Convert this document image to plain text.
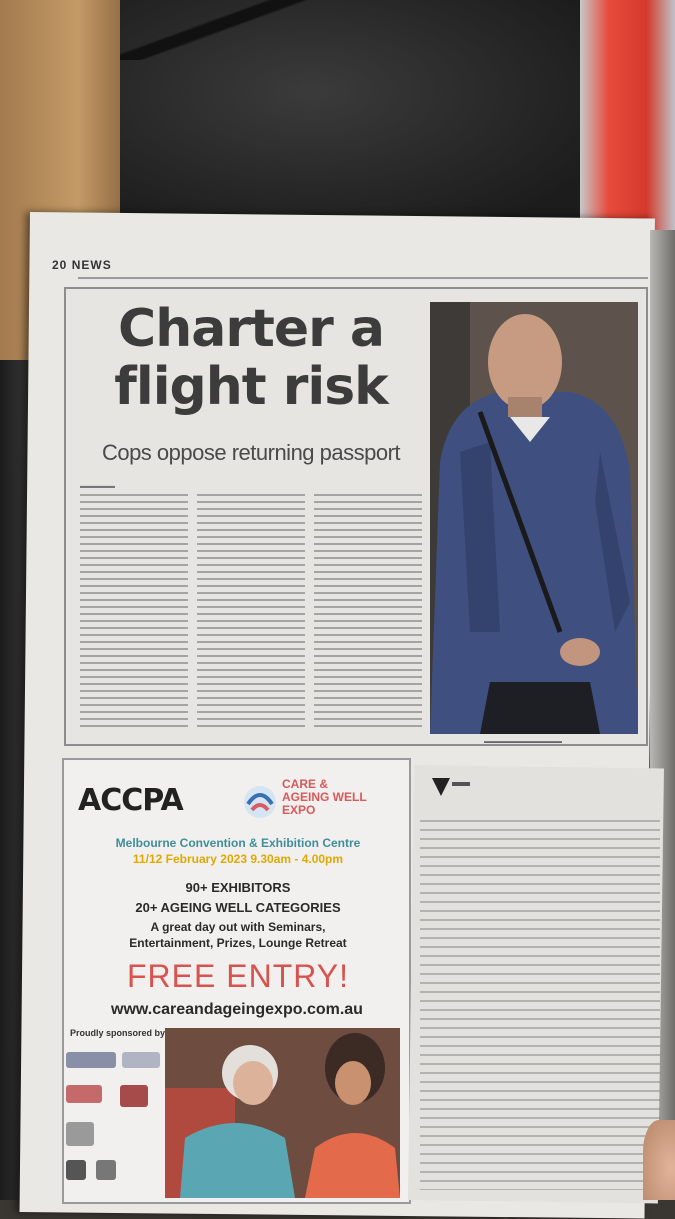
20 NEWS
Charter a
flight risk
Cops oppose returning passport
▬▬▬▬▬
▬▬▬▬▬▬▬▬▬▬▬▬▬
ACCPA	CARE &
AGEING WELL
EXPO
Melbourne Convention & Exhibition Centre
11/12 February 2023 9.30am - 4.00pm
90+ EXHIBITORS
20+ AGEING WELL CATEGORIES
A great day out with Seminars,
Entertainment, Prizes, Lounge Retreat
FREE ENTRY!
www.careandageingexpo.com.au
Proudly sponsored by
